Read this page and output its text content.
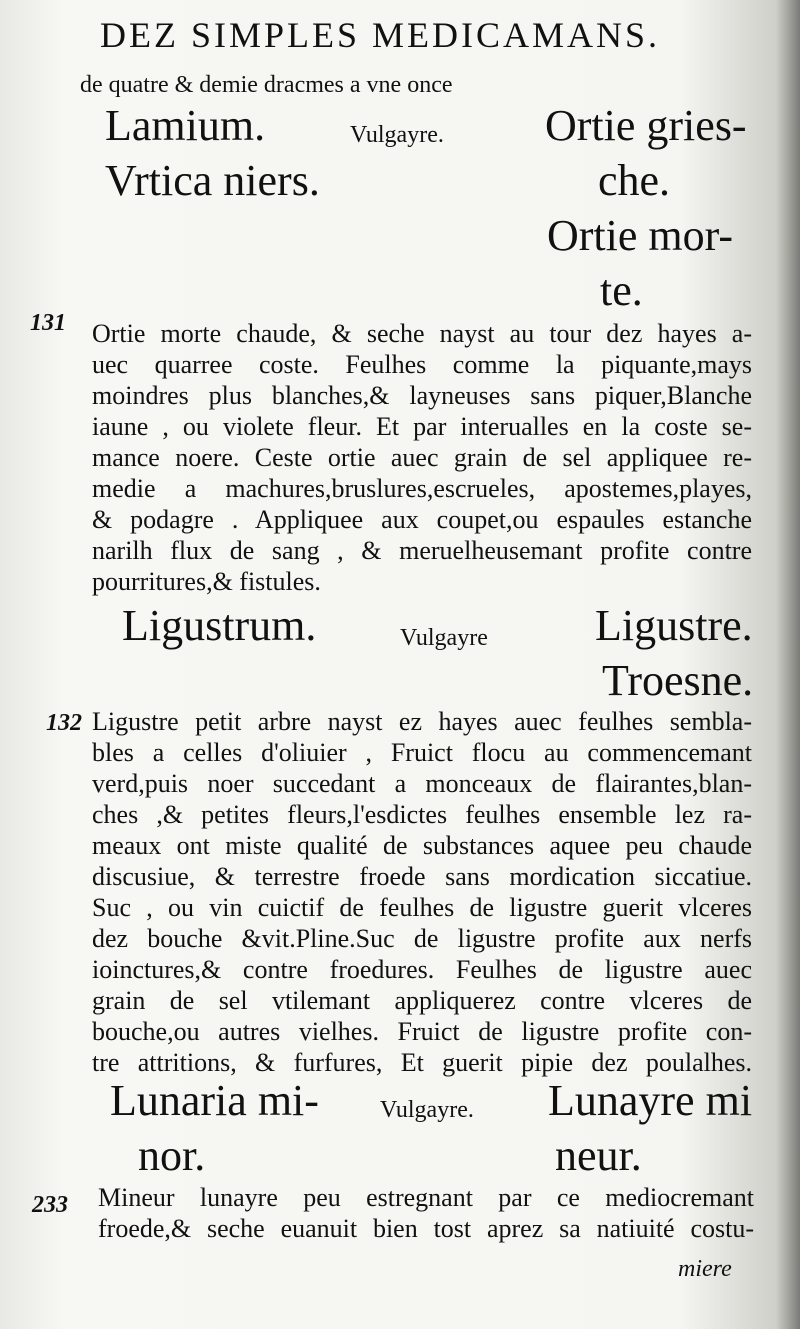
DEZ SIMPLES MEDICAMANS.
de quatre & demie dracmes a vne once
Lamium.
Vrtica niers.
Vulgayre. Ortie gries-
che.
Ortie mor-
te.
131 Ortie morte chaude, & seche nayst au tour dez hayes a-
uec quarree coste. Feulhes comme la piquante,mays
moindres plus blanches,& layneuses sans piquer,Blanche
iaune , ou violete fleur. Et par interualles en la coste se-
mance noere. Ceste ortie auec grain de sel appliquee re-
medie a machures,bruslures,escrueles, apostemes,playes,
& podagre . Appliquee aux coupet,ou espaules estanche
narilh flux de sang , & meruelheusemant profite contre
pourritures,& fistules.
Ligustrum.	Vulgayre Ligustre.
Troesne.
132 Ligustre petit arbre nayst ez hayes auec feulhes semblа-
bles a celles d'oliuier , Fruict flocu au commencemant
verd,puis noer succedant a monceaux de flairantes,blan-
ches ,& petites fleurs,l'esdictes feulhes ensemble lez ra-
meaux ont miste qualité de substances aquee peu chaude
discusiue, & terrestre froede sans mordication siccatiue.
Suc , ou vin cuictif de feulhes de ligustre guerit vlceres
dez bouche &vit.Pline.Suc de ligustre profite aux nerfs
ioinctures,& contre froedures. Feulhes de ligustre auec
grain de sel vtilemant appliquerez contre vlceres de
bouche,ou autres vielhes. Fruict de ligustre profite con-
tre attritions, & furfures, Et guerit pipie dez poulalhes.
Lunaria mi-
nor.
Vulgayre. Lunayre mi
neur.
233 Mineur lunayre peu estregnant par ce mediocremant
froede,& seche euanuit bien tost aprez sa natiuité costu-
miere
